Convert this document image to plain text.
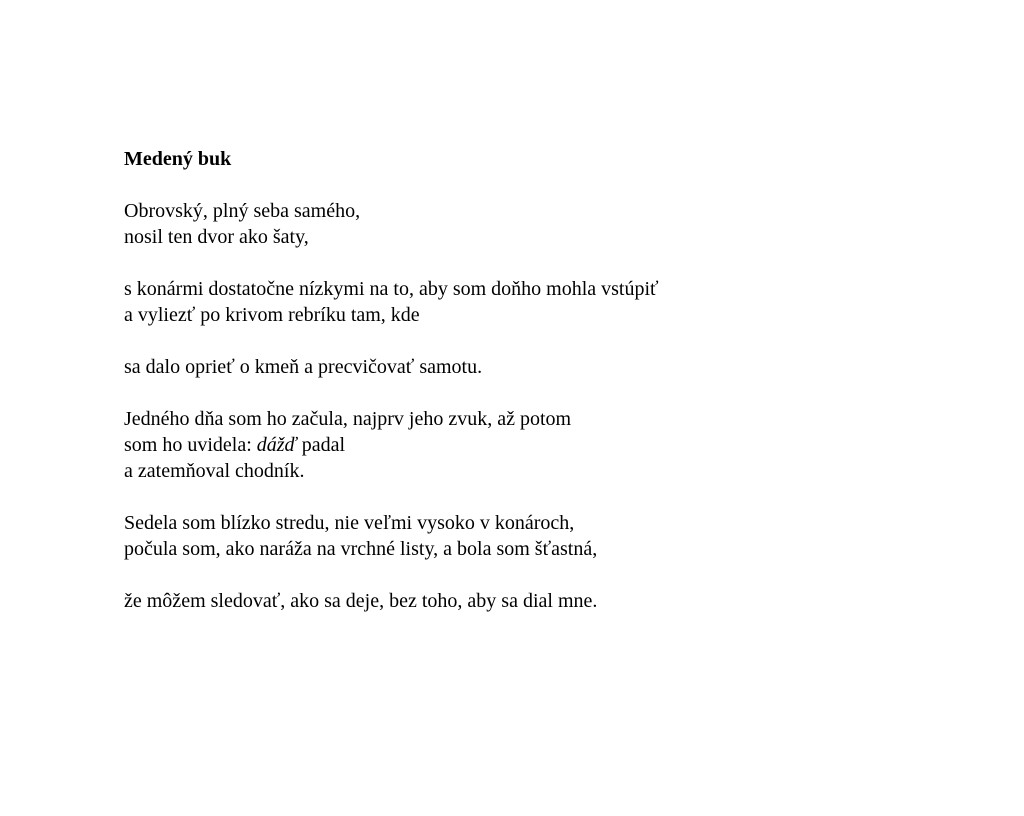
Medený buk
Obrovský, plný seba samého,
nosil ten dvor ako šaty,
s konármi dostatočne nízkymi na to, aby som doňho mohla vstúpiť
a vyliezť po krivom rebríku tam, kde
sa dalo oprieť o kmeň a precvičovať samotu.
Jedného dňa som ho začula, najprv jeho zvuk, až potom
som ho uvidela: dážď padal
a zatemňoval chodník.
Sedela som blízko stredu, nie veľmi vysoko v konároch,
počula som, ako naráža na vrchné listy, a bola som šťastná,
že môžem sledovať, ako sa deje, bez toho, aby sa dial mne.
